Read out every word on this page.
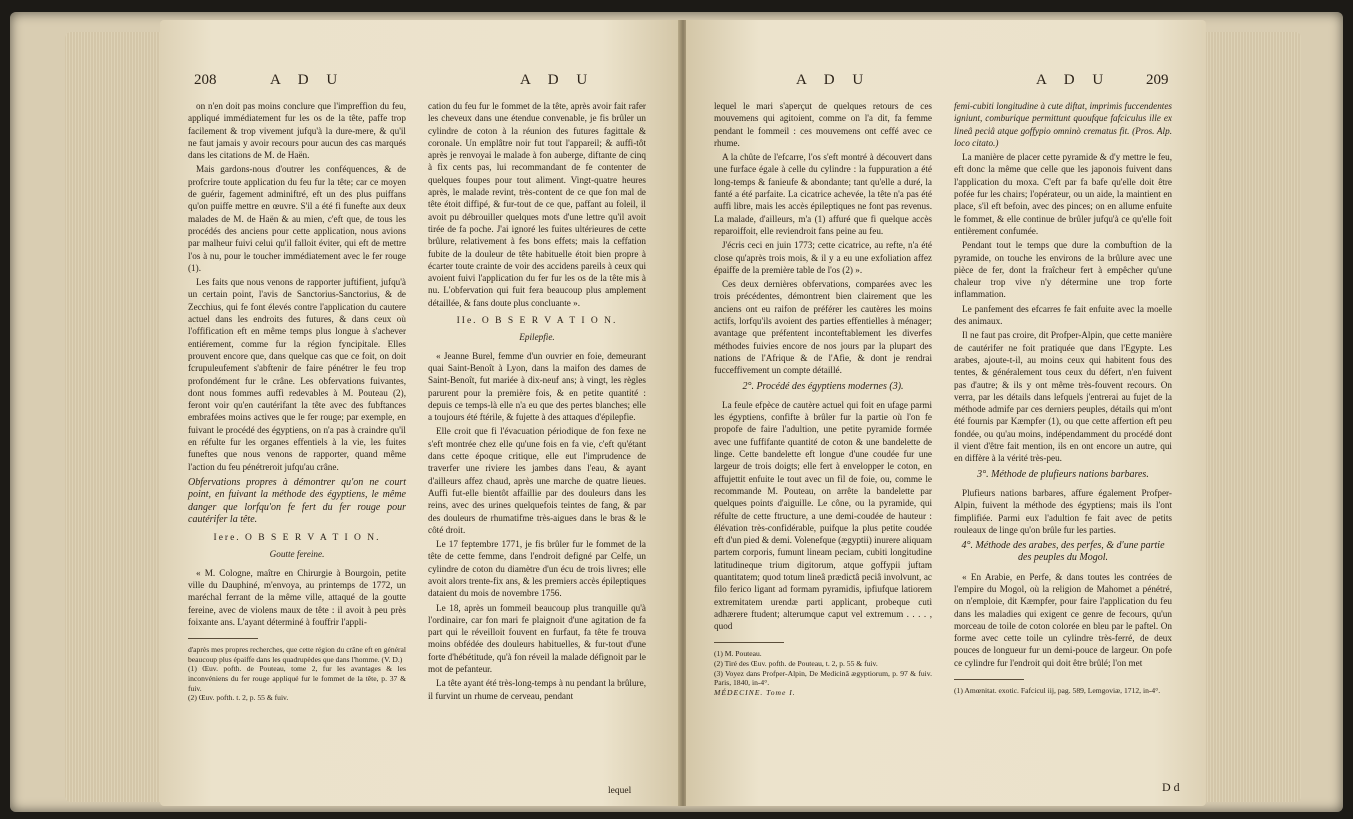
208	A D U	A D U

on n'en doit pas moins conclure que l'impreffion du feu, appliqué immédiatement fur les os de la tête, paffe trop facilement & trop vivement jufqu'à la dure-mere, & qu'il ne faut jamais y avoir recours pour aucun des cas marqués dans les citations de M. de Haën.

Mais gardons-nous d'outrer les conféquences, & de profcrire toute application du feu fur la tête; car ce moyen de guérir, fagement adminiftré, eft un des plus puiffans qu'on puiffe mettre en œuvre. S'il a été fi funefte aux deux malades de M. de Haën & au mien, c'eft que, de tous les procédés des anciens pour cette application, nous avions par malheur fuivi celui qu'il falloit éviter, qui eft de mettre l'os à nu, pour le toucher immédiatement avec le fer rouge (1).

Les faits que nous venons de rapporter juftifient, jufqu'à un certain point, l'avis de Sanctorius-Sanctorius, & de Zecchius, qui fe font élevés contre l'application du cautere actuel dans les endroits des futures, & dans ceux où l'offification eft en même temps plus longue à s'achever entiérement, comme fur la région fyncipitale. Elles prouvent encore que, dans quelque cas que ce foit, on doit fcrupuleufement s'abftenir de faire pénétrer le feu trop profondément fur le crâne. Les obfervations fuivantes, dont nous fommes auffi redevables à M. Pouteau (2), feront voir qu'en cautérifant la tête avec des fubftances embrafées moins actives que le fer rouge; par exemple, en fuivant le procédé des égyptiens, on n'a pas à craindre qu'il en réfulte fur les organes effentiels à la vie, les fuites funeftes que nous venons de rapporter, quand même l'action du feu pénétreroit jufqu'au crâne.

Obfervations propres à démontrer qu'on ne court point, en fuivant la méthode des égyptiens, le même danger que lorfqu'on fe fert du fer rouge pour cautérifer la tête.

Iere. O B S E R V A T I O N.

Goutte fereine.

« M. Cologne, maître en Chirurgie à Bourgoin, petite ville du Dauphiné, m'envoya, au printemps de 1772, un maréchal ferrant de la même ville, attaqué de la goutte fereine, avec de violens maux de tête : il avoit à peu près foixante ans. L'ayant déterminé à fouffrir l'appli-

d'après mes propres recherches, que cette région du crâne eft en général beaucoup plus épaiffe dans les quadrupèdes que dans l'homme. (V. D.)

(1) Œuv. pofth. de Pouteau, tome 2, fur les avantages & les inconvéniens du fer rouge appliqué fur le fommet de la tête, p. 37 & fuiv.

(2) Œuv. pofth. t. 2, p. 55 & fuiv.

cation du feu fur le fommet de la tête, après avoir fait rafer les cheveux dans une étendue convenable, je fis brûler un cylindre de coton à la réunion des futures fagittale & coronale. Un emplâtre noir fut tout l'appareil; & auffi-tôt après je renvoyai le malade à fon auberge, diftante de cinq à fix cents pas, lui recommandant de fe contenter de quelques foupes pour tout aliment. Vingt-quatre heures après, le malade revint, très-content de ce que fon mal de tête étoit diffipé, & fur-tout de ce que, paffant au foleil, il avoit pu débrouiller quelques mots d'une lettre qu'il avoit tirée de fa poche. J'ai ignoré les fuites ultérieures de cette brûlure, relativement à fes bons effets; mais la ceffation fubite de la douleur de tête habituelle étoit bien propre à écarter toute crainte de voir des accidens pareils à ceux qui avoient fuivi l'application du fer fur les os de la tête mis à nu. L'obfervation qui fuit fera beaucoup plus amplement détaillée, & fans doute plus concluante ».

IIe. O B S E R V A T I O N.

Epilepfie.

« Jeanne Burel, femme d'un ouvrier en foie, demeurant quai Saint-Benoît à Lyon, dans la maifon des dames de Saint-Benoît, fut mariée à dix-neuf ans; à vingt, les règles parurent pour la première fois, & en petite quantité : depuis ce temps-là elle n'a eu que des pertes blanches; elle a toujours été ftérile, & fujette à des attaques d'épilepfie.

Elle croit que fi l'évacuation périodique de fon fexe ne s'eft montrée chez elle qu'une fois en fa vie, c'eft qu'étant dans cette époque critique, elle eut l'imprudence de traverfer une riviere les jambes dans l'eau, & ayant d'ailleurs affez chaud, après une marche de quatre lieues. Auffi fut-elle bientôt affaillie par des douleurs dans les reins, avec des urines quelquefois teintes de fang, & par des douleurs de rhumatifme très-aigues dans le bras & le côté droit.

Le 17 feptembre 1771, je fis brûler fur le fommet de la tête de cette femme, dans l'endroit defigné par Celfe, un cylindre de coton du diamètre d'un écu de trois livres; elle avoit alors trente-fix ans, & les premiers accès épileptiques dataient du mois de novembre 1756.

Le 18, après un fommeil beaucoup plus tranquille qu'à l'ordinaire, car fon mari fe plaignoit d'une agitation de fa part qui le réveilloit fouvent en furfaut, fa tête fe trouva moins obfédée des douleurs habituelles, & fur-tout d'une forte d'hébétitude, qu'à fon réveil la malade défignoit par le mot de pefanteur.

La tête ayant été très-long-temps à nu pendant la brûlure, il furvint un rhume de cerveau, pendant

lequel
A D U	A D U 209

lequel le mari s'aperçut de quelques retours de ces mouvemens qui agitoient, comme on l'a dit, fa femme pendant le fommeil : ces mouvemens ont ceffé avec ce rhume.

A la chûte de l'efcarre, l'os s'eft montré à découvert dans une furface égale à celle du cylindre : la fuppuration a été long-temps & fanieufe & abondante; tant qu'elle a duré, la fanté a été parfaite. La cicatrice achevée, la tête n'a pas été auffi libre, mais les accès épileptiques ne font pas revenus. La malade, d'ailleurs, m'a (1) affuré que fi quelque accès reparoiffoit, elle reviendroit fans peine au feu.

J'écris ceci en juin 1773; cette cicatrice, au refte, n'a été close qu'après trois mois, & il y a eu une exfoliation affez épaiffe de la première table de l'os (2) ».

Ces deux dernières obfervations, comparées avec les trois précédentes, démontrent bien clairement que les anciens ont eu raifon de préférer les cautères les moins actifs, lorfqu'ils avoient des parties effentielles à ménager; avantage que préfentent inconteftablement les diverfes méthodes fuivies encore de nos jours par la plupart des nations de l'Afrique & de l'Afie, & dont je rendrai fucceffivement un compte détaillé.

2°. Procédé des égyptiens modernes (3).

La feule efpèce de cautère actuel qui foit en ufage parmi les égyptiens, confifte à brûler fur la partie où l'on fe propofe de faire l'adultion, une petite pyramide formée avec une fuffifante quantité de coton & une bandelette de linge. Cette bandelette eft longue d'une coudée fur une largeur de trois doigts; elle fert à envelopper le coton, en affujettit enfuite le tout avec un fil de foie, ou, comme le recommande M. Pouteau, on arrête la bandelette par quelques points d'aiguille. Le cône, ou la pyramide, qui réfulte de cette ftructure, a une demi-coudée de hauteur : élévation très-confidérable, puifque la plus petite coudée eft d'un pied & demi. Volenefque (ægyptii) inurere aliquam partem corporis, fumunt lineam peciam, cubiti longitudine latitudineque trium digitorum, atque goffypii juftam quantitatem; quod totum lineâ prædictâ peciâ involvunt, ac filo ferico ligant ad formam pyramidis, ipfiufque latiorem extremitatem urendæ parti applicant, probeque cutì adhærere ftudent; alterumque caput vel extremum . . . . , quod

(1) M. Pouteau.

(2) Tiré des Œuv. pofth. de Pouteau, t. 2, p. 55 & fuiv.

(3) Voyez dans Profper-Alpin, De Medicinâ ægyptiorum, p. 97 & fuiv. Paris, 1840, in-4°.

MÉDECINE. Tome I.

femi-cubiti longitudine à cute diftat, imprimis fuccendentes igniunt, comburique permittunt quoufque fafciculus ille ex lineâ peciâ atque goffypio omninò crematus fit. (Pros. Alp. loco citato.)

La manière de placer cette pyramide & d'y mettre le feu, eft donc la même que celle que les japonois fuivent dans l'application du moxa. C'eft par fa bafe qu'elle doit être pofée fur les chairs; l'opérateur, ou un aide, la maintient en place, s'il eft befoin, avec des pinces; on en allume enfuite le fommet, & elle continue de brûler jufqu'à ce qu'elle foit entièrement confumée.

Pendant tout le temps que dure la combuftion de la pyramide, on touche les environs de la brûlure avec une pièce de fer, dont la fraîcheur fert à empêcher qu'une chaleur trop vive n'y détermine une trop forte inflammation.

Le panfement des efcarres fe fait enfuite avec la moelle des animaux.

Il ne faut pas croire, dit Profper-Alpin, que cette manière de cautérifer ne foit pratiquée que dans l'Egypte. Les arabes, ajoute-t-il, au moins ceux qui habitent fous des tentes, & généralement tous ceux du défert, n'en fuivent pas d'autre; & ils y ont même très-fouvent recours. On verra, par les détails dans lefquels j'entrerai au fujet de la méthode admife par ces derniers peuples, détails qui m'ont été fournis par Kæmpfer (1), ou que cette affertion eft peu fondée, ou qu'au moins, indépendamment du procédé dont il vient d'être fait mention, ils en ont encore un autre, qui en diffère à la vérité très-peu.

3°. Méthode de plufieurs nations barbares.

Plufieurs nations barbares, affure également Profper-Alpin, fuivent la méthode des égyptiens; mais ils l'ont fimplifiée. Parmi eux l'adultion fe fait avec de petits rouleaux de linge qu'on brûle fur les parties.

4°. Méthode des arabes, des perfes, & d'une partie des peuples du Mogol.

« En Arabie, en Perfe, & dans toutes les contrées de l'empire du Mogol, où la religion de Mahomet a pénétré, on n'emploie, dit Kæmpfer, pour faire l'application du feu dans les maladies qui exigent ce genre de fecours, qu'un morceau de toile de coton colorée en bleu par le paftel. On forme avec cette toile un cylindre très-ferré, de deux pouces de longueur fur un demi-pouce de largeur. On pofe ce cylindre fur l'endroit qui doit être brûlé; l'on met

(1) Amœnitat. exotic. Fafcicul iij, pag. 589, Lemgoviæ, 1712, in-4°.

D d
